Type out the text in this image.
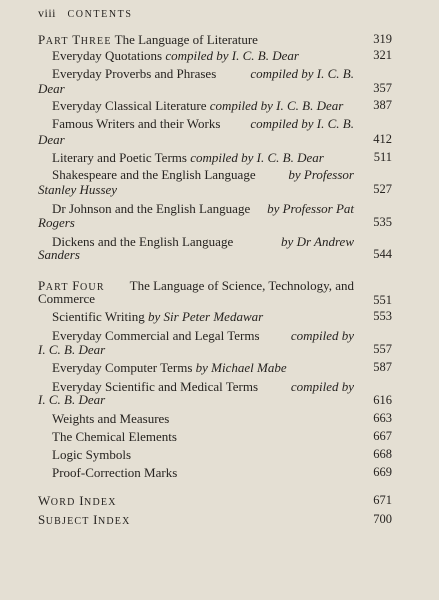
viii CONTENTS
PART THREE The Language of Literature	319
Everyday Quotations compiled by I. C. B. Dear	321
Everyday Proverbs and Phrases	compiled by I. C. B.
Dear	357
Everyday Classical Literature compiled by I. C. B. Dear 387
Famous Writers and their Works compiled by I. C. B.
Dear	412
Literary and Poetic Terms compiled by I. C. B. Dear	511
Shakespeare and the English Language	by Professor
Stanley Hussey	527
Dr Johnson and the English Language by Professor Pat
Rogers	535
Dickens and the English Language	by Dr Andrew
Sanders	544
PART FOUR The Language of Science, Technology, and
Commerce	551
Scientific Writing by Sir Peter Medawar	553
Everyday Commercial and Legal Terms compiled by
I. C. B. Dear	557
Everyday Computer Terms by Michael Mabe	587
Everyday Scientific and Medical Terms	compiled by
I. C. B. Dear	616
Weights and Measures	663
The Chemical Elements	667
Logic Symbols	668
Proof-Correction Marks	669
WORD INDEX	671
SUBJECT INDEX	700
